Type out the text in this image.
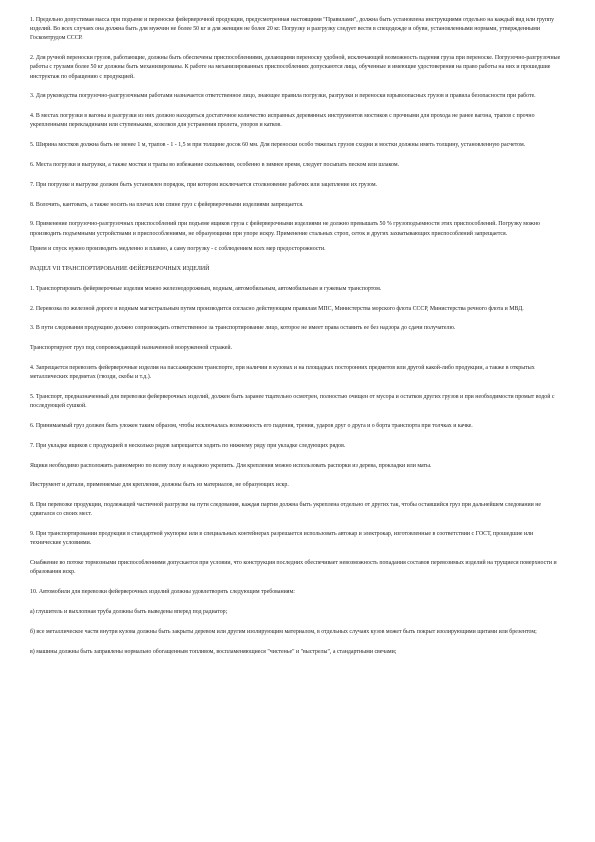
1. Предельно допустимая масса при подъеме и переноске фейерверочной продукции, предусмотренная настоящими "Правилами", должна быть установлена инструкциями отдельно на каждый вид или группу изделий. Во всех случаях она должна быть для мужчин не более 50 кг и для женщин не более 20 кг. Погрузку и разгрузку следует вести в спецодежде и обуви, установленными нормами, утвержденными Госкомтрудом СССР.

2. Для ручной переноски грузов, работающие, должны быть обеспечены приспособлениями, делающими переноску удобной, исключающей возможность падения груза при переноске. Погрузочно-разгрузочные работы с грузами более 50 кг должны быть механизированы. К работе на механизированных приспособлениях допускаются лица, обученные и имеющие удостоверения на право работы на них и прошедшие инструктаж по обращению с продукцией.

3. Для руководства погрузочно-разгрузочными работами назначается ответственное лицо, знающее правила погрузки, разгрузки и переноски взрывоопасных грузов и правила безопасности при работе.

4. В местах погрузки в вагоны и разгрузки из них должно находиться достаточное количество исправных деревянных инструментов мостиков с прочными для прохода не ранее вагона, трапов с прочно укрепленными перекладинами или ступеньками, козелков для устранения пролета, упоров и катков.

5. Ширина мостков должна быть не менее 1 м, трапов - 1 - 1,5 м при толщине досок 60 мм. Для переноски особо тяжелых грузов сходни и мостки должны иметь толщину, установленную расчетом.

6. Места погрузки и выгрузки, а также мостки и трапы во избежание скольжения, особенно в зимнее время, следует посыпать песком или шлаком.

7. При погрузке и выгрузке должен быть установлен порядок, при котором исключается столкновение рабочих или зацепление их грузом.

8. Волочить, кантовать, а также носить на плечах или спине груз с фейерверочными изделиями запрещается.

9. Применение погрузочно-разгрузочных приспособлений при подъеме ящиков груза с фейерверочными изделиями не должно превышать 50 % грузоподъемности этих приспособлений. Погрузку можно производить подъемными устройствами и приспособлениями, не образующими при упоре искру. Применение стальных строп, сеток и других захватывающих приспособлений запрещается.

Прием и спуск нужно производить медленно и плавно, а саму погрузку - с соблюдением всех мер предосторожности.

РАЗДЕЛ VII ТРАНСПОРТИРОВАНИЕ ФЕЙЕРВЕРОЧНЫХ ИЗДЕЛИЙ

1. Транспортировать фейерверочные изделия можно железнодорожным, водным, автомобильным, автомобильным и гужевым транспортом.

2. Перевозка по железной дороге и водным магистральным путям производится согласно действующим правилам МПС, Министерства морского флота СССР, Министерства речного флота и МВД.

3. В пути следования продукцию должно сопровождать ответственное за транспортирование лицо, которое не имеет права оставить ее без надзора до сдачи получателю.

Транспортируют груз под сопровождающей назначенной вооруженной стражей.

4. Запрещается перевозить фейерверочные изделия на пассажирском транспорте, при наличии в кузовах и на площадках посторонних предметов или другой какой-либо продукции, а также в открытых металлических предметах (гвозди, скобы и т.д.).

5. Транспорт, предназначенный для перевозки фейерверочных изделий, должен быть заранее тщательно осмотрен, полностью очищен от мусора и остатков других грузов и при необходимости промыт водой с последующей сушкой.

6. Принимаемый груз должен быть уложен таким образом, чтобы исключалась возможность его падения, трения, ударов друг о друга и о борта транспорта при толчках и качке.

7. При укладке ящиков с продукцией в несколько рядов запрещается ходить по нижнему ряду при укладке следующих рядов.

Ящики необходимо расположить равномерно по всему полу и надежно укрепить. Для крепления можно использовать распорки из дерева, прокладки или маты.

Инструмент и детали, применяемые для крепления, должны быть из материалов, не образующих искр.

8. При перевозке продукции, подлежащей частичной разгрузке на пути следования, каждая партия должна быть укреплена отдельно от других так, чтобы оставшийся груз при дальнейшем следовании не сдвигался со своих мест.

9. При транспортировании продукции в стандартной укупорке или в специальных контейнерах разрешается использовать автокар и электрокар, изготовленные в соответствии с ГОСТ, прошедшие или технические условиями.

Снабжение во потоке тормозными приспособлениями допускается при условии, что конструкция последних обеспечивает невозможность попадания составов перевозимых изделий на трущиеся поверхности и образования искр.

10. Автомобили для перевозки фейерверочных изделий должны удовлетворять следующим требованиям:

а) глушитель и выхлопная труба должны быть выведены вперед под радиатор;

б) все металлическое части внутри кузова должны быть закрыты деревом или другим изолирующим материалом, в отдельных случаях кузов может быть покрыт изолирующими щитами или брезентом;

в) машины должны быть заправлены нормально обогащенным топливом, воспламеняющиеся "чистенье" и "выстрелы", а стандартными свечами;
